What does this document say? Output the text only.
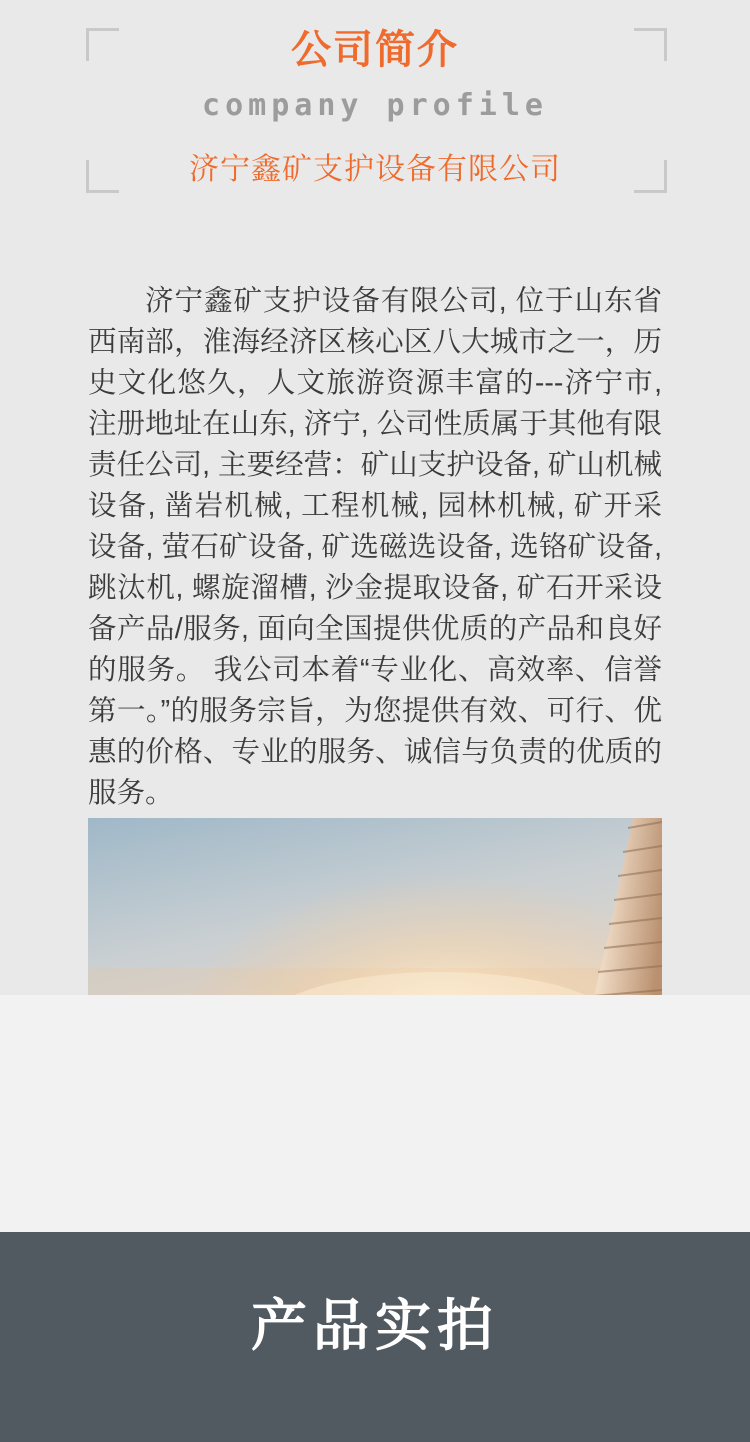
公司简介
company profile
济宁鑫矿支护设备有限公司
济宁鑫矿支护设备有限公司, 位于山东省西南部，淮海经济区核心区八大城市之一，历史文化悠久，人文旅游资源丰富的---济宁市, 注册地址在山东, 济宁, 公司性质属于其他有限责任公司, 主要经营：矿山支护设备, 矿山机械设备, 凿岩机械, 工程机械, 园林机械, 矿开采设备, 萤石矿设备, 矿选磁选设备, 选铬矿设备, 跳汰机, 螺旋溜槽, 沙金提取设备, 矿石开采设备产品/服务, 面向全国提供优质的产品和良好的服务。 我公司本着“专业化、高效率、信誉第一。”的服务宗旨，为您提供有效、可行、优惠的价格、专业的服务、诚信与负责的优质的服务。
产品实拍
